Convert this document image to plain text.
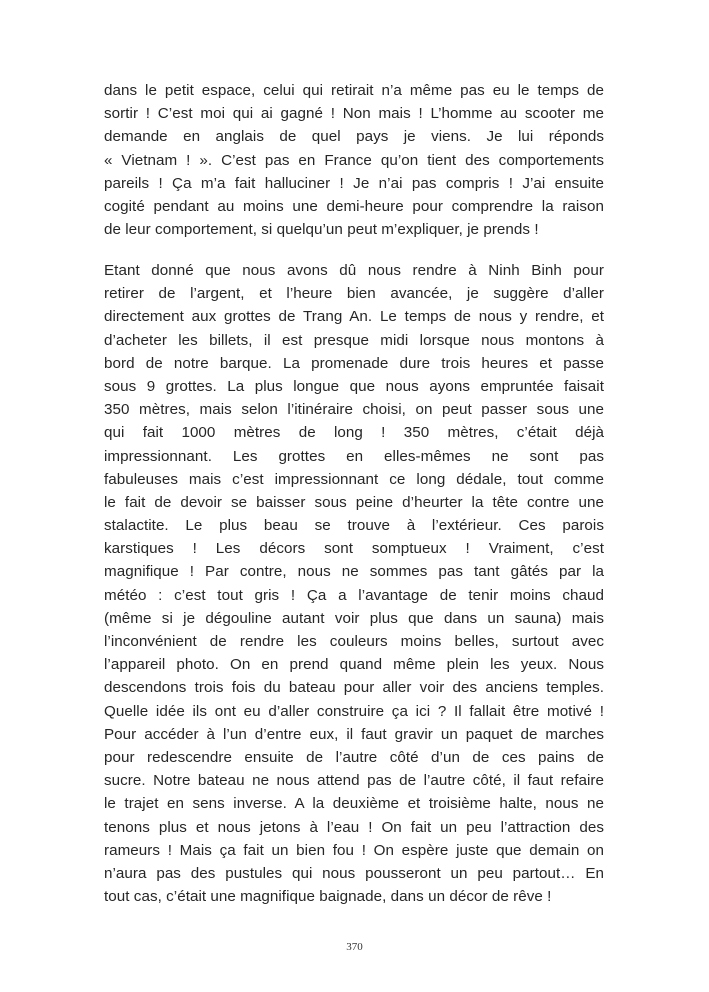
dans le petit espace, celui qui retirait n’a même pas eu le temps de
sortir ! C’est moi qui ai gagné ! Non mais ! L’homme au scooter me
demande en anglais de quel pays je viens. Je lui réponds
« Vietnam ! ». C’est pas en France qu’on tient des comportements
pareils ! Ça m’a fait halluciner ! Je n’ai pas compris ! J’ai ensuite
cogité pendant au moins une demi-heure pour comprendre la raison
de leur comportement, si quelqu’un peut m’expliquer, je prends !
Etant donné que nous avons dû nous rendre à Ninh Binh pour
retirer de l’argent, et l’heure bien avancée, je suggère d’aller
directement aux grottes de Trang An. Le temps de nous y rendre, et
d’acheter les billets, il est presque midi lorsque nous montons à
bord de notre barque. La promenade dure trois heures et passe
sous 9 grottes. La plus longue que nous ayons empruntée faisait
350 mètres, mais selon l’itinéraire choisi, on peut passer sous une
qui fait 1000 mètres de long ! 350 mètres, c’était déjà
impressionnant. Les grottes en elles-mêmes ne sont pas
fabuleuses mais c’est impressionnant ce long dédale, tout comme
le fait de devoir se baisser sous peine d’heurter la tête contre une
stalactite. Le plus beau se trouve à l’extérieur. Ces parois
karstiques ! Les décors sont somptueux ! Vraiment, c’est
magnifique ! Par contre, nous ne sommes pas tant gâtés par la
météo : c’est tout gris ! Ça a l’avantage de tenir moins chaud
(même si je dégouline autant voir plus que dans un sauna) mais
l’inconvénient de rendre les couleurs moins belles, surtout avec
l’appareil photo. On en prend quand même plein les yeux. Nous
descendons trois fois du bateau pour aller voir des anciens temples.
Quelle idée ils ont eu d’aller construire ça ici ? Il fallait être motivé !
Pour accéder à l’un d’entre eux, il faut gravir un paquet de marches
pour redescendre ensuite de l’autre côté d’un de ces pains de
sucre. Notre bateau ne nous attend pas de l’autre côté, il faut refaire
le trajet en sens inverse. A la deuxième et troisième halte, nous ne
tenons plus et nous jetons à l’eau ! On fait un peu l’attraction des
rameurs ! Mais ça fait un bien fou ! On espère juste que demain on
n’aura pas des pustules qui nous pousseront un peu partout… En
tout cas, c’était une magnifique baignade, dans un décor de rêve !
370
